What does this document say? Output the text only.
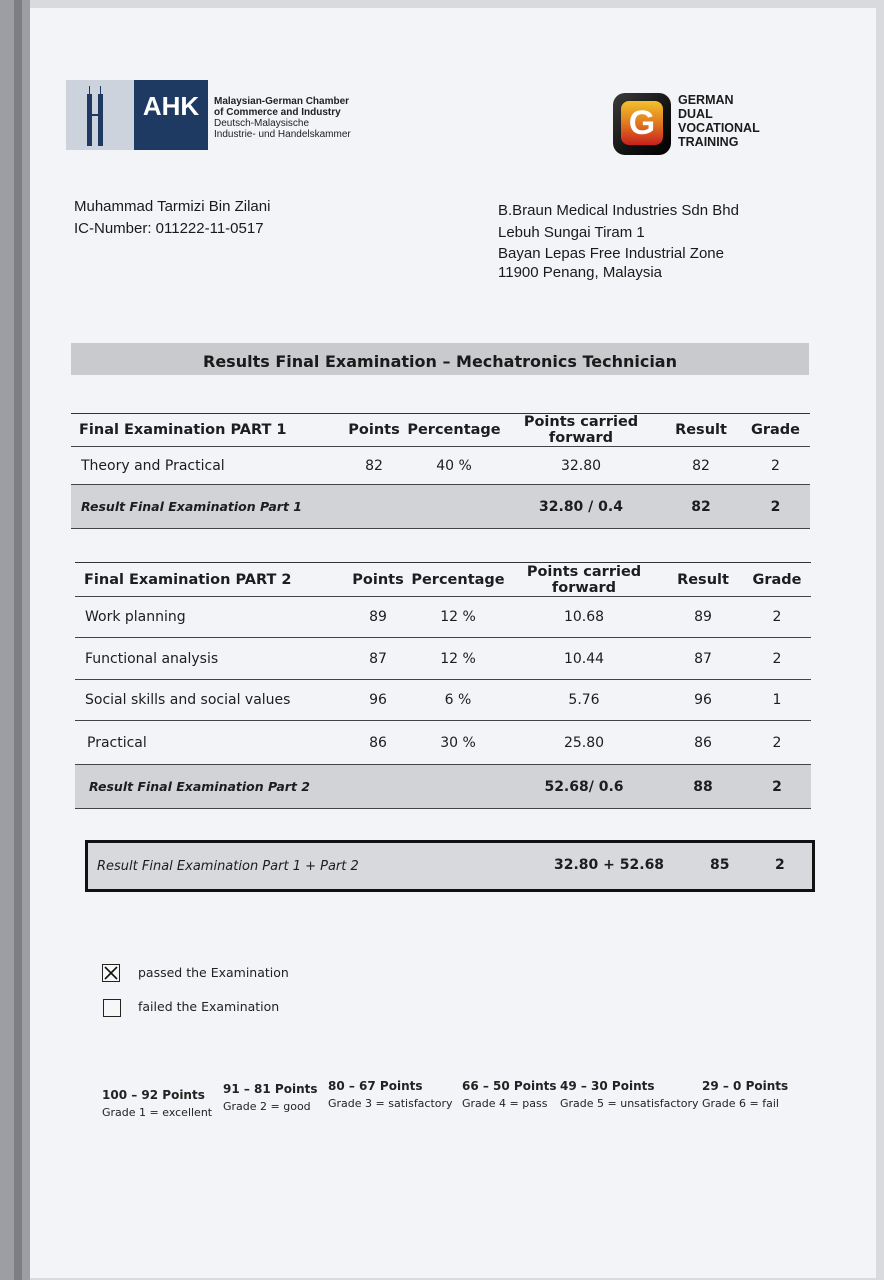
AHK	Malaysian-German Chamber
of Commerce and Industry
Deutsch-Malaysische
Industrie- und Handelskammer	G
GERMAN
DUAL
VOCATIONAL
TRAINING
Muhammad Tarmizi Bin Zilani
IC-Number: 011222-11-0517
B.Braun Medical Industries Sdn Bhd
Lebuh Sungai Tiram 1
Bayan Lepas Free Industrial Zone
11900 Penang, Malaysia
Results Final Examination – Mechatronics Technician
Final Examination PART 1	Points	Percentage	Points carried forward	Result	Grade
Theory and Practical	82	40 %	32.80	82	2
Result Final Examination Part 1			32.80 / 0.4	82	2
Final Examination PART 2	Points	Percentage	Points carried forward	Result	Grade
Work planning	89	12 %	10.68	89	2
Functional analysis	87	12 %	10.44	87	2
Social skills and social values	96	6 %	5.76	96	1
Practical	86	30 %	25.80	86	2
Result Final Examination Part 2			52.68/ 0.6	88	2
Result Final Examination Part 1 + Part 2	32.80 + 52.68	85	2
passed the Examination
failed the Examination
100 – 92 Points
Grade 1 = excellent
91 – 81 Points
Grade 2 = good
80 – 67 Points
Grade 3 = satisfactory
66 – 50 Points
Grade 4 = pass
49 – 30 Points
Grade 5 = unsatisfactory
29 – 0 Points
Grade 6 = fail
